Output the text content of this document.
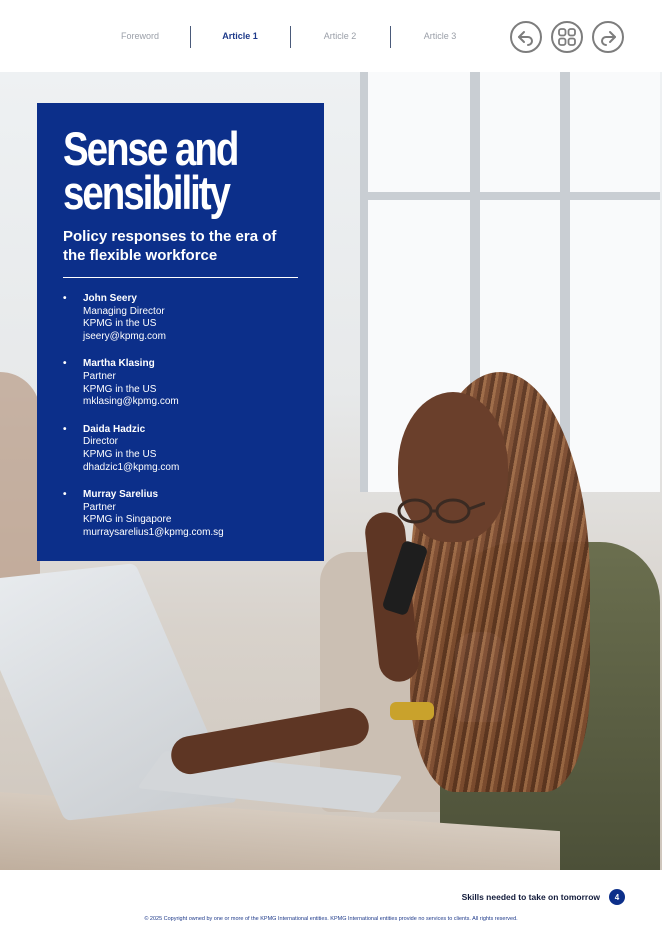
Foreword	Article 1	Article 2	Article 3
Sense and
sensibility
Policy responses to the era of the flexible workforce
• John Seery
Managing Director
KPMG in the US
jseery@kpmg.com
• Martha Klasing
Partner
KPMG in the US
mklasing@kpmg.com
• Daida Hadzic
Director
KPMG in the US
dhadzic1@kpmg.com
• Murray Sarelius
Partner
KPMG in Singapore
murraysarelius1@kpmg.com.sg
Skills needed to take on tomorrow	4
© 2025 Copyright owned by one or more of the KPMG International entities. KPMG International entities provide no services to clients. All rights reserved.
